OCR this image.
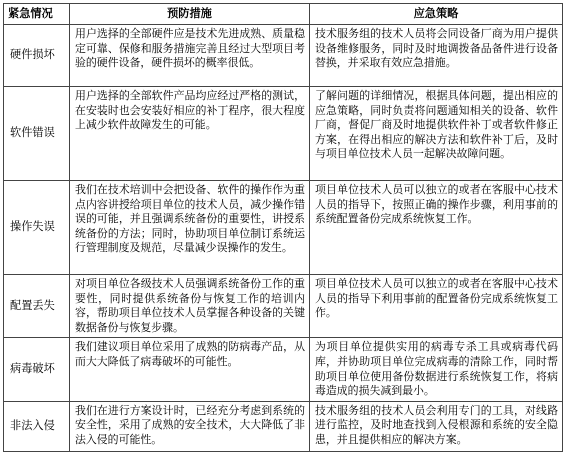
紧急情况	预防措施	应急策略
硬件损坏	用户选择的全部硬件应是技术先进成熟、质量稳定可靠、保修和服务措施完善且经过大型项目考验的硬件设备，硬件损坏的概率很低。	技术服务组的技术人员将会同设备厂商为用户提供设备维修服务，同时及时地调拨备品备件进行设备替换，并采取有效应急措施。
软件错误	用户选择的全部软件产品均应经过严格的测试，在安装时也会安装好相应的补丁程序，很大程度上减少软件故障发生的可能。	了解问题的详细情况，根据具体问题，提出相应的应急策略，同时负责将问题通知相关的设备、软件厂商，督促厂商及时地提供软件补丁或者软件修正方案，在得出相应的解决方法和软件补丁后，及时与项目单位技术人员一起解决故障问题。
操作失误	我们在技术培训中会把设备、软件的操作作为重点内容讲授给项目单位的技术人员，减少操作错误的可能，并且强调系统备份的重要性，讲授系统备份的方法；同时，协助项目单位制订系统运行管理制度及规范，尽量减少误操作的发生。	项目单位技术人员可以独立的或者在客服中心技术人员的指导下，按照正确的操作步骤，利用事前的系统配置备份完成系统恢复工作。
配置丢失	对项目单位各级技术人员强调系统备份工作的重要性，同时提供系统备份与恢复工作的培训内容，帮助项目单位技术人员掌握各种设备的关键数据备份与恢复步骤。	项目单位技术人员可以独立的或者在客服中心技术人员的指导下利用事前的配置备份完成系统恢复工作。
病毒破坏	我们建议项目单位采用了成熟的防病毒产品，从而大大降低了病毒破坏的可能性。	为项目单位提供实用的病毒专杀工具或病毒代码库，并协助项目单位完成病毒的清除工作，同时帮助项目单位使用备份数据进行系统恢复工作，将病毒造成的损失减到最小。
非法入侵	我们在进行方案设计时，已经充分考虑到系统的安全性，采用了成熟的安全技术，大大降低了非法入侵的可能性。	技术服务组的技术人员会利用专门的工具，对线路进行监控，及时地查找到入侵根源和系统的安全隐患，并且提供相应的解决方案。
